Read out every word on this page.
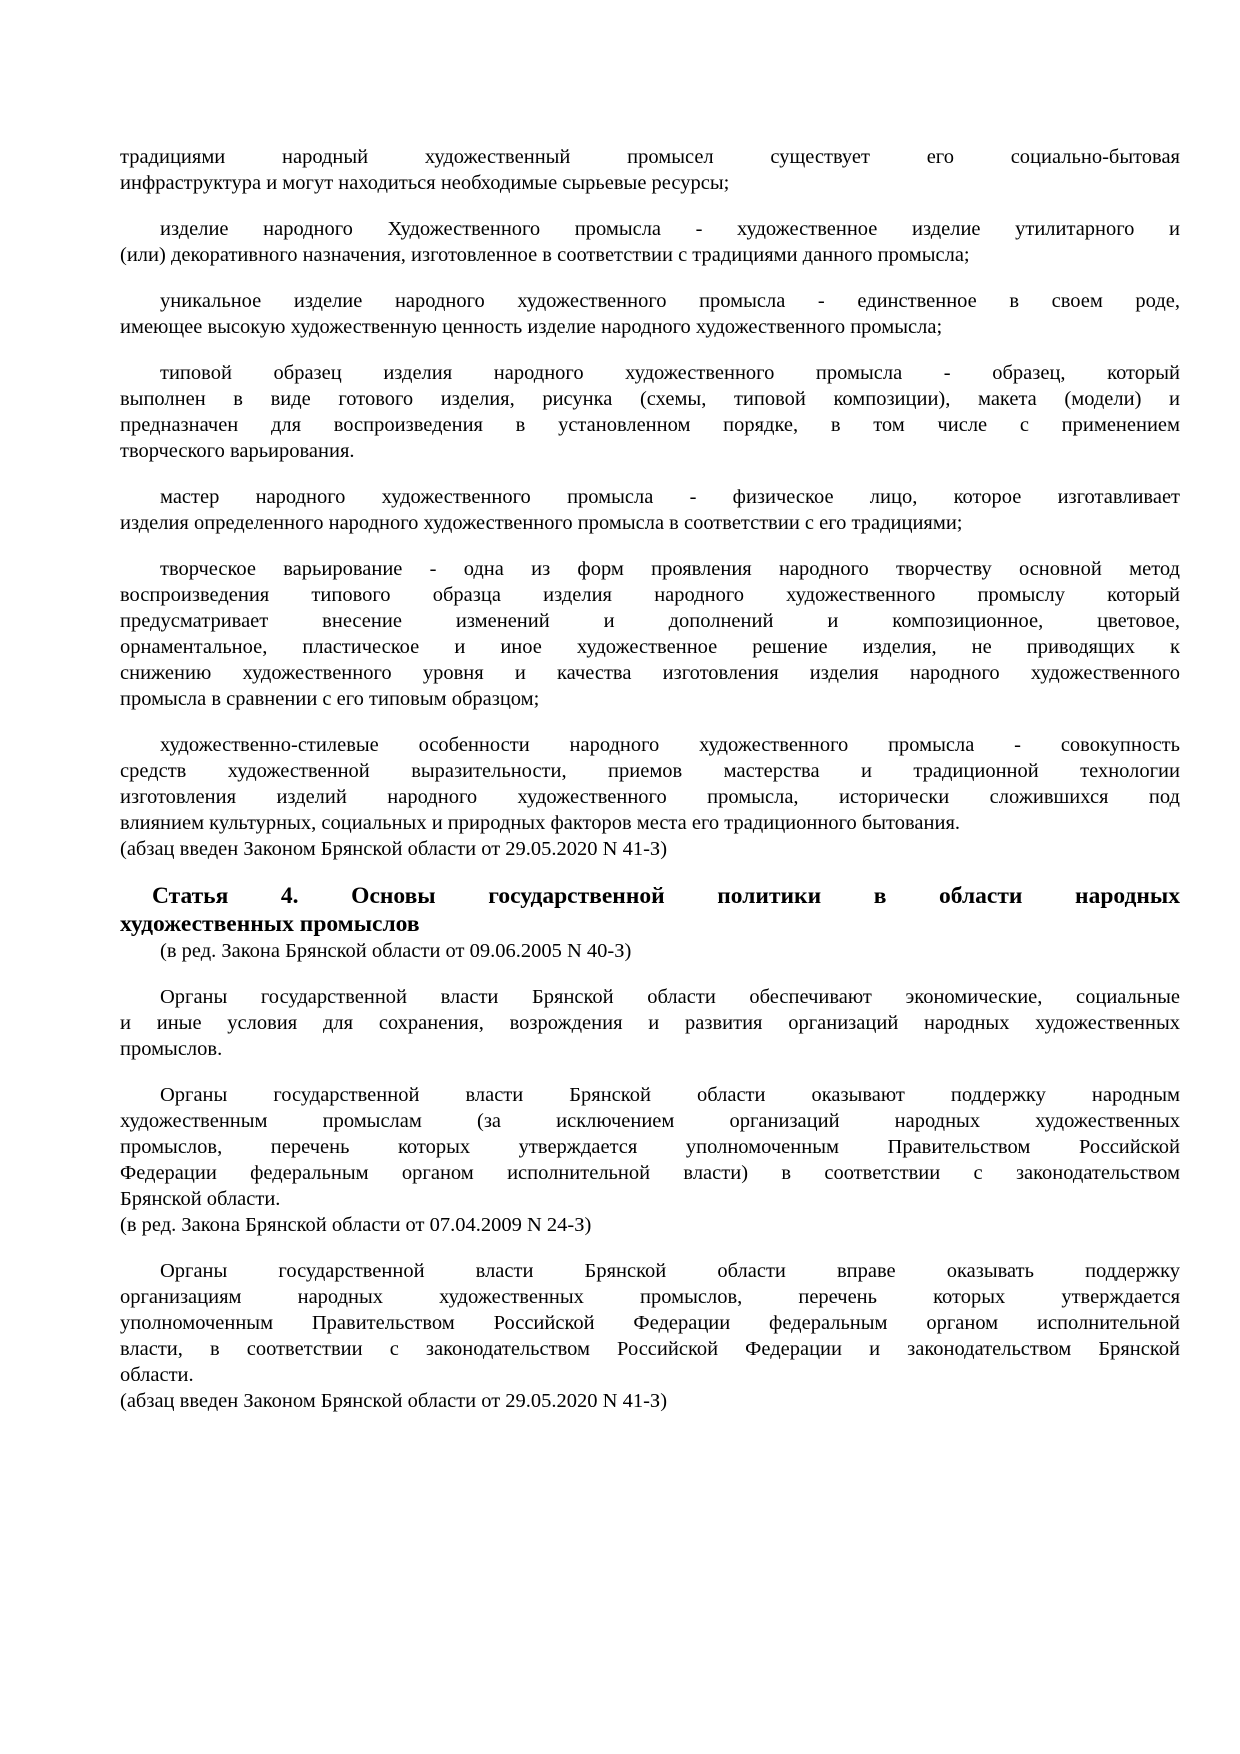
традициями народный художественный промысел существует его социально-бытовая
инфраструктура и могут находиться необходимые сырьевые ресурсы;
изделие народного Художественного промысла - художественное изделие утилитарного и
(или) декоративного назначения, изготовленное в соответствии с традициями данного промысла;
уникальное изделие народного художественного промысла - единственное в своем роде,
имеющее высокую художественную ценность изделие народного художественного промысла;
типовой образец изделия народного художественного промысла - образец, который
выполнен в виде готового изделия, рисунка (схемы, типовой композиции), макета (модели) и
предназначен для воспроизведения в установленном порядке, в том числе с применением
творческого варьирования.
мастер народного художественного промысла - физическое лицо, которое изготавливает
изделия определенного народного художественного промысла в соответствии с его традициями;
творческое варьирование - одна из форм проявления народного творчеству основной метод
воспроизведения типового образца изделия народного художественного промыслу который
предусматривает внесение изменений и дополнений и композиционное, цветовое,
орнаментальное, пластическое и иное художественное решение изделия, не приводящих к
снижению художественного уровня и качества изготовления изделия народного художественного
промысла в сравнении с его типовым образцом;
художественно-стилевые особенности народного художественного промысла - совокупность
средств художественной выразительности, приемов мастерства и традиционной технологии
изготовления изделий народного художественного промысла, исторически сложившихся под
влиянием культурных, социальных и природных факторов места его традиционного бытования.
(абзац введен Законом Брянской области от 29.05.2020 N 41-З)
Статья 4. Основы государственной политики в области народных
художественных промыслов
(в ред. Закона Брянской области от 09.06.2005 N 40-З)
Органы государственной власти Брянской области обеспечивают экономические, социальные
и иные условия для сохранения, возрождения и развития организаций народных художественных
промыслов.
Органы государственной власти Брянской области оказывают поддержку народным
художественным промыслам (за исключением организаций народных художественных
промыслов, перечень которых утверждается уполномоченным Правительством Российской
Федерации федеральным органом исполнительной власти) в соответствии с законодательством
Брянской области.
(в ред. Закона Брянской области от 07.04.2009 N 24-З)
Органы государственной власти Брянской области вправе оказывать поддержку
организациям народных художественных промыслов, перечень которых утверждается
уполномоченным Правительством Российской Федерации федеральным органом исполнительной
власти, в соответствии с законодательством Российской Федерации и законодательством Брянской
области.
(абзац введен Законом Брянской области от 29.05.2020 N 41-З)
